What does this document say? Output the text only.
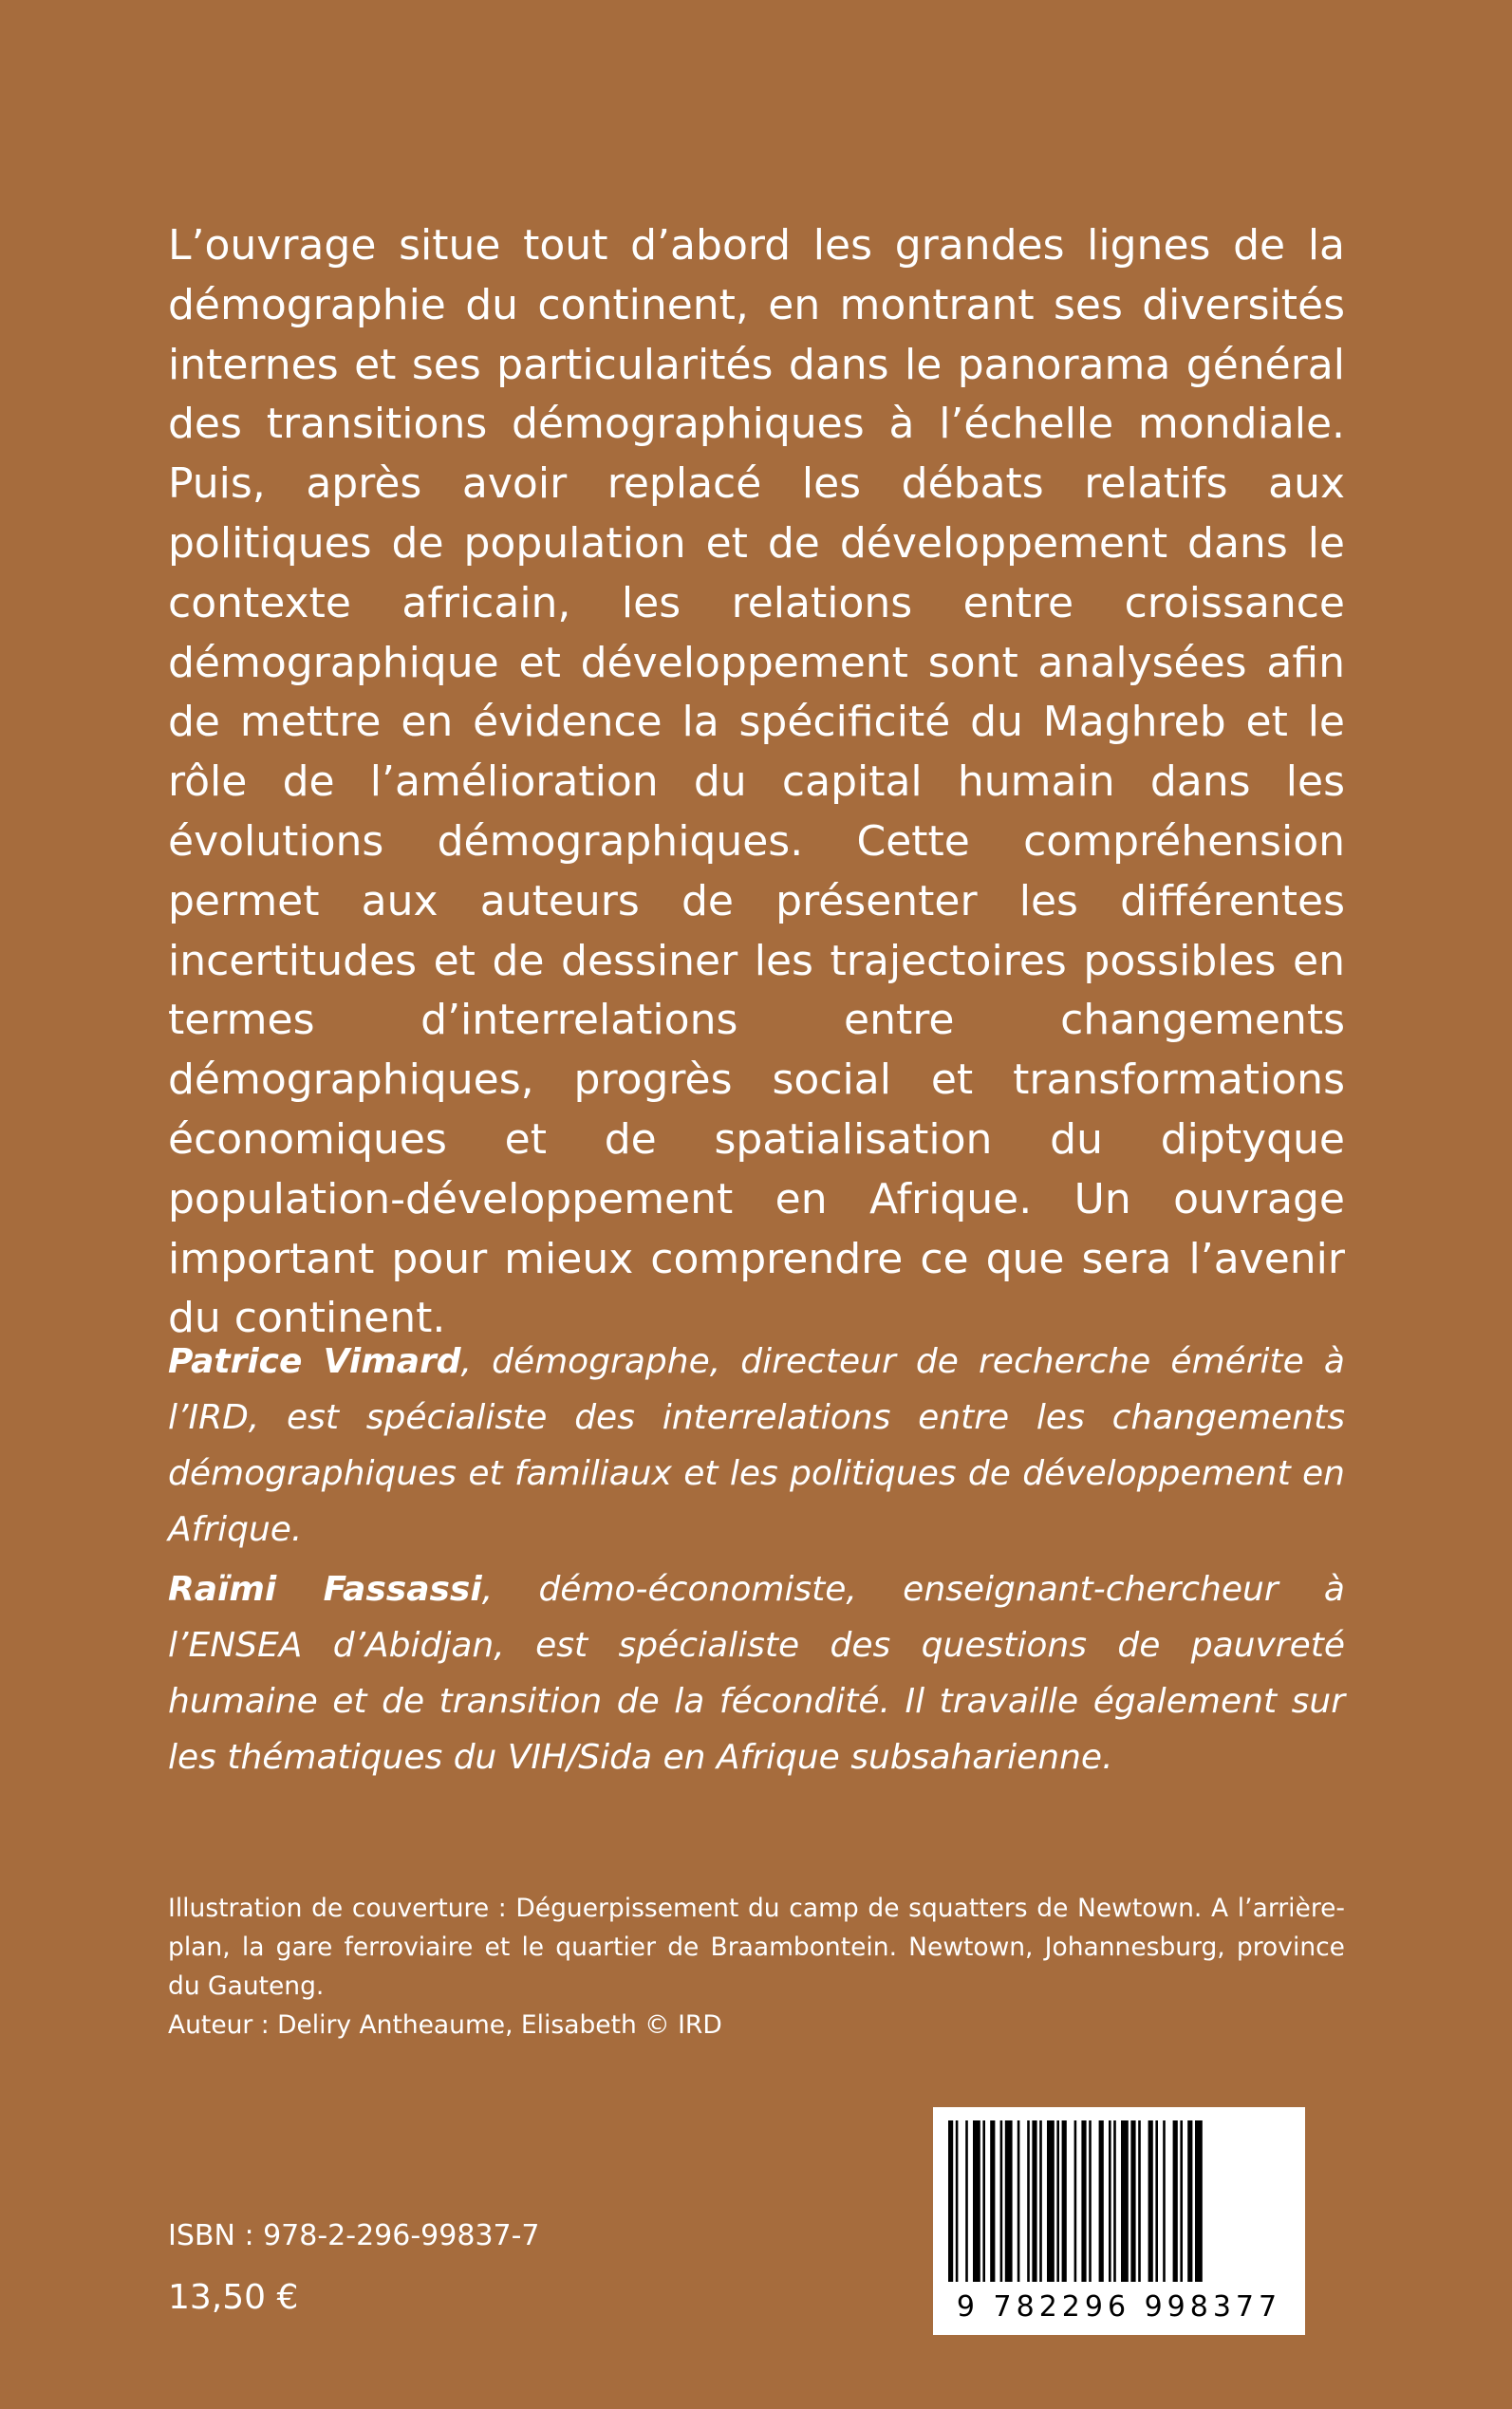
L’ouvrage situe tout d’abord les grandes lignes de la démographie du continent, en montrant ses diversités internes et ses particularités dans le panorama général des transitions démographiques à l’échelle mondiale. Puis, après avoir replacé les débats relatifs aux politiques de population et de développement dans le contexte africain, les relations entre croissance démographique et développement sont analysées afin de mettre en évidence la spécificité du Maghreb et le rôle de l’amélioration du capital humain dans les évolutions démographiques. Cette compréhension permet aux auteurs de présenter les différentes incertitudes et de dessiner les trajectoires possibles en termes d’interrelations entre changements démographiques, progrès social et transformations économiques et de spatialisation du diptyque population-développement en Afrique. Un ouvrage important pour mieux comprendre ce que sera l’avenir du continent.

Patrice Vimard, démographe, directeur de recherche émérite à l’IRD, est spécialiste des interrelations entre les changements démographiques et familiaux et les politiques de développement en Afrique.

Raïmi Fassassi, démo-économiste, enseignant-chercheur à l’ENSEA d’Abidjan, est spécialiste des questions de pauvreté humaine et de transition de la fécondité. Il travaille également sur les thématiques du VIH/Sida en Afrique subsaharienne.

Illustration de couverture : Déguerpissement du camp de squatters de Newtown. A l’arrière-plan, la gare ferroviaire et le quartier de Braambontein. Newtown, Johannesburg, province du Gauteng.
Auteur : Deliry Antheaume, Elisabeth © IRD
ISBN : 978-2-296-99837-7
13,50 €	9 782296 998377
